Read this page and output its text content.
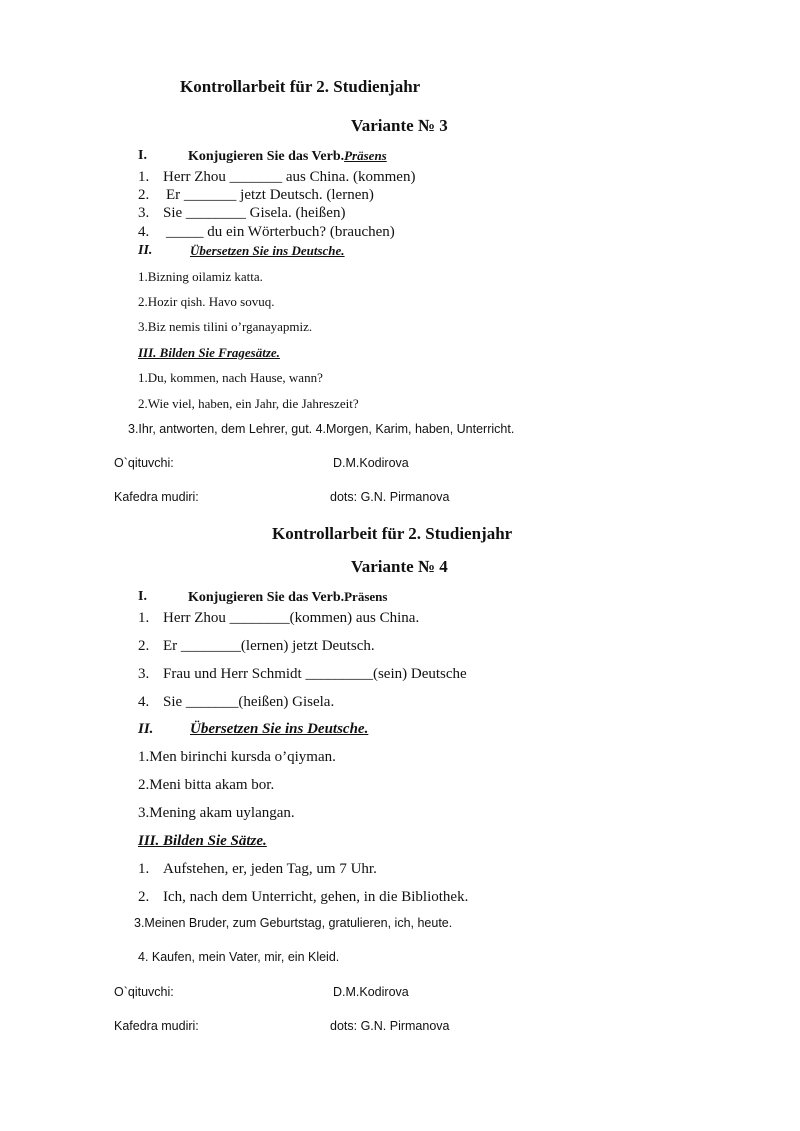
Kontrollarbeit für 2. Studienjahr
Variante № 3
I.	Konjugieren Sie das Verb.Präsens
1. Herr Zhou _______ aus China. (kommen)
2. Er _______ jetzt Deutsch. (lernen)
3. Sie ________ Gisela. (heißen)
4. _____ du ein Wörterbuch? (brauchen)
II.	Übersetzen Sie ins Deutsche.
1.Bizning oilamiz katta.
2.Hozir qish. Havo sovuq.
3.Biz nemis tilini o’rganayapmiz.
III. Bilden Sie Fragesätze.
1.Du, kommen, nach Hause, wann?
2.Wie viel, haben, ein Jahr, die Jahreszeit?
3.Ihr, antworten, dem Lehrer, gut. 4.Morgen, Karim, haben, Unterricht.
O`qituvchi:	D.M.Kodirova
Kafedra mudiri:	dots: G.N. Pirmanova
Kontrollarbeit für 2. Studienjahr
Variante № 4
I.	Konjugieren Sie das Verb.Präsens
1. Herr Zhou ________(kommen) aus China.
2. Er ________(lernen) jetzt Deutsch.
3. Frau und Herr Schmidt _________(sein) Deutsche
4. Sie _______(heißen) Gisela.
II. Übersetzen Sie ins Deutsche.
1.Men birinchi kursda o’qiyman.
2.Meni bitta akam bor.
3.Mening akam uylangan.
III. Bilden Sie Sätze.
1. Aufstehen, er, jeden Tag, um 7 Uhr.
2. Ich, nach dem Unterricht, gehen, in die Bibliothek.
3.Meinen Bruder, zum Geburtstag, gratulieren, ich, heute.
4. Kaufen, mein Vater, mir, ein Kleid.
O`qituvchi:	D.M.Kodirova
Kafedra mudiri:	dots: G.N. Pirmanova
